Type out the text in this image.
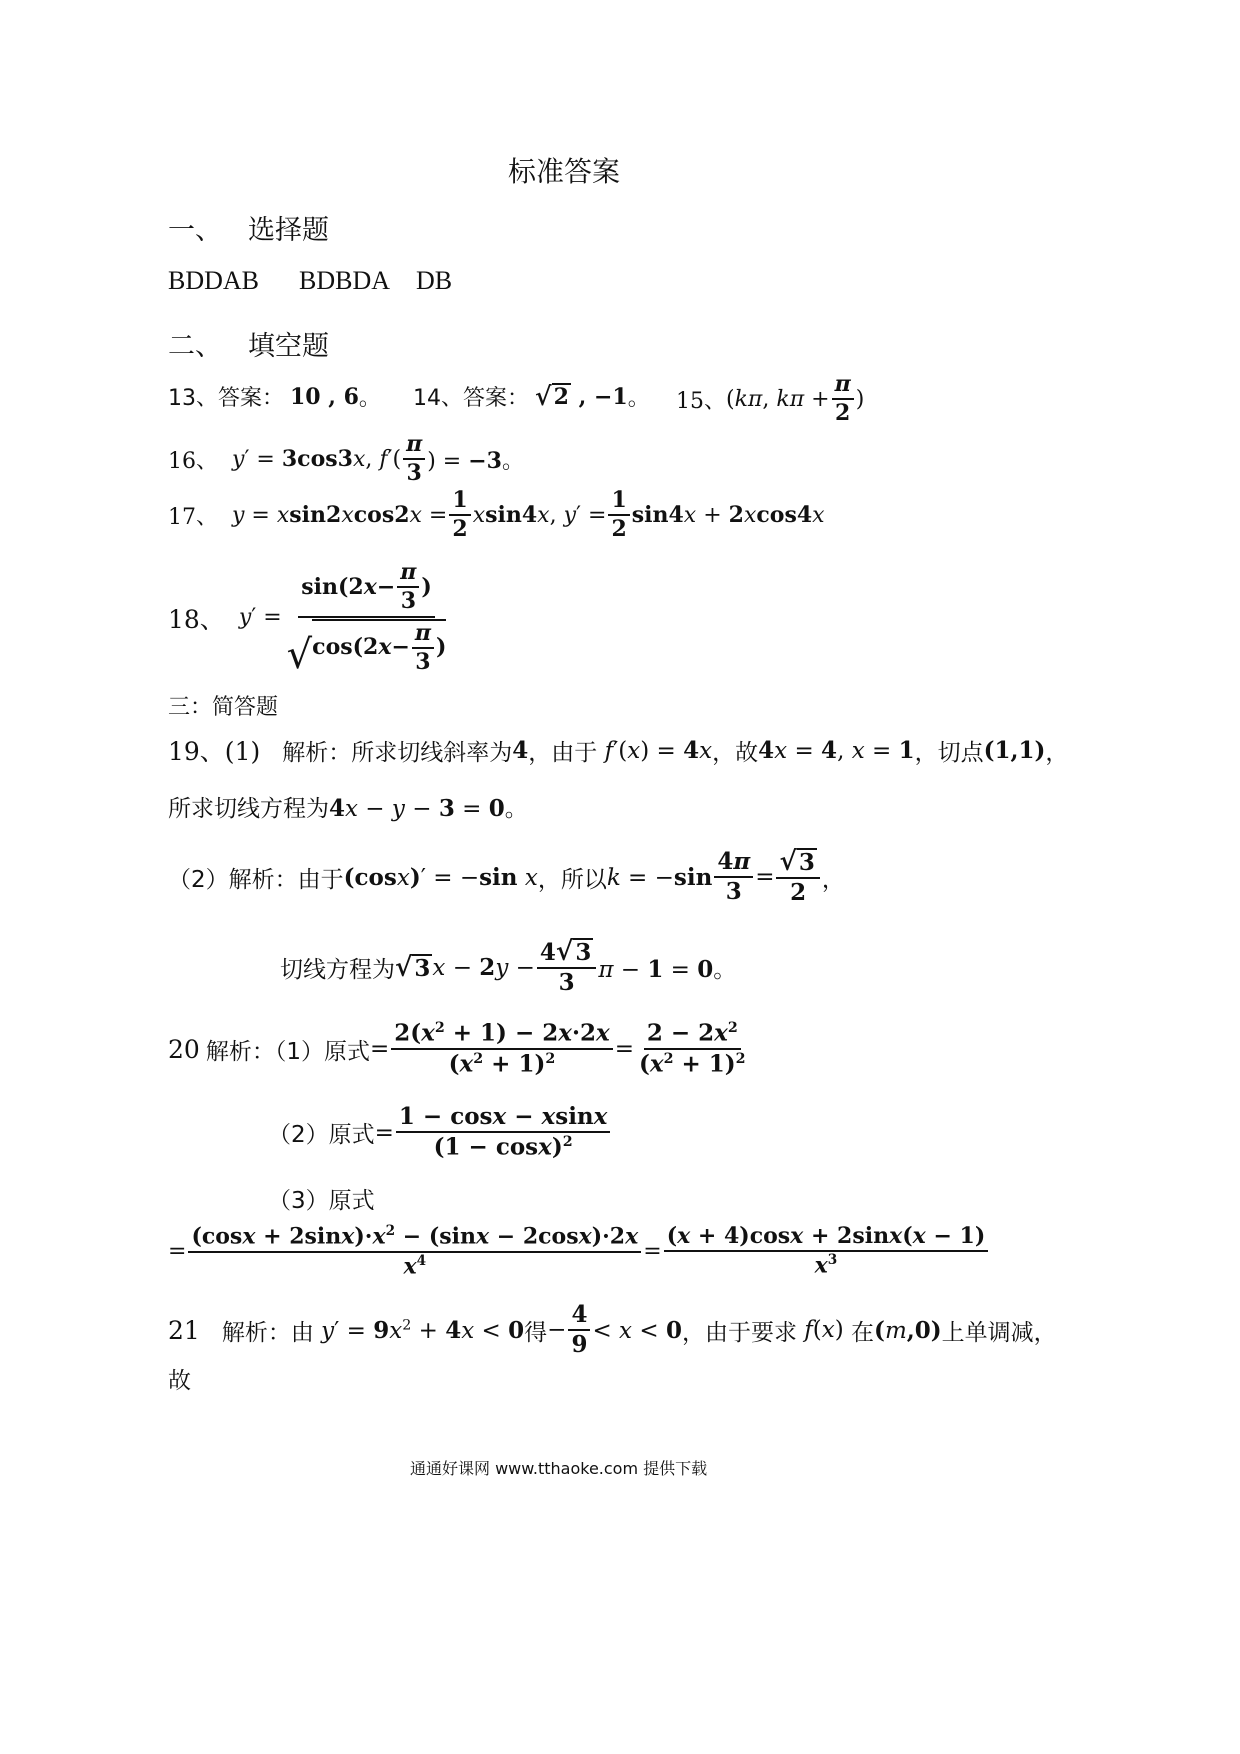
标准答案
一、 选择题
BDDAB BDBDA DB
二、 填空题
13、答案： 10 , 6 。 14、答案： √ 2 , −1 。 15、 (kπ, $k\pi + \frac{\pi}{2}$ )
16、 y′ = 3cos3x, $f'( \frac{\pi}{3}$ ) = −3。
17、 $y = xsin2xcos2x = \frac{1}{2} xsin4x$, $y' = \frac{1}{2} \sin 4x + 2xcos4x$
18、 $y' = \frac{\sin(2 x - \frac{\pi}{3} )}{√ \cos(2 x - \frac{\pi}{3} )}$
三：简答题
19、(1) 解析：所求切线斜率为 4 ，由于 f′(x) = 4x ，故 4x = 4, x = 1 ，切点 (1,1) ，
所求切线方程为 4x − y − 3 = 0。
（2）解析：由于 (cosx)′ = −sin x ，所以 $k = -\sin \frac{4\pi}{3} = \frac{√ 3}{2}$ ，
切线方程为 √ 3 $x - 2y - \frac{4 √ 3}{3}$ π − 1 = 0。
20 解析：（1）原式 = $\frac{2(x^2 + 1) - 2x\cdot 2x}{(x^2 + 1)^2} = \frac{2 - 2x^2}{(x^2 + 1)^2}$
（2）原式 = $\frac{1 - \cos x - xsinx}{(1 - \cos x)^2}$
（3）原式
= $\frac{(\cos x + 2\sin x)\cdot x^2 - (\sin x - 2\cos x)\cdot 2x}{x^4} = \frac{(x + 4)\cos x + 2\sin x(x - 1)}{x^3}$
21 解析：由 $y' = 9x^2 + 4x < 0$ 得 − $\frac{4}{9} < x < 0$ ，由于要求 f(x) 在 (m,0) 上单调减，
故
通通好课网 www.tthaoke.com 提供下载
